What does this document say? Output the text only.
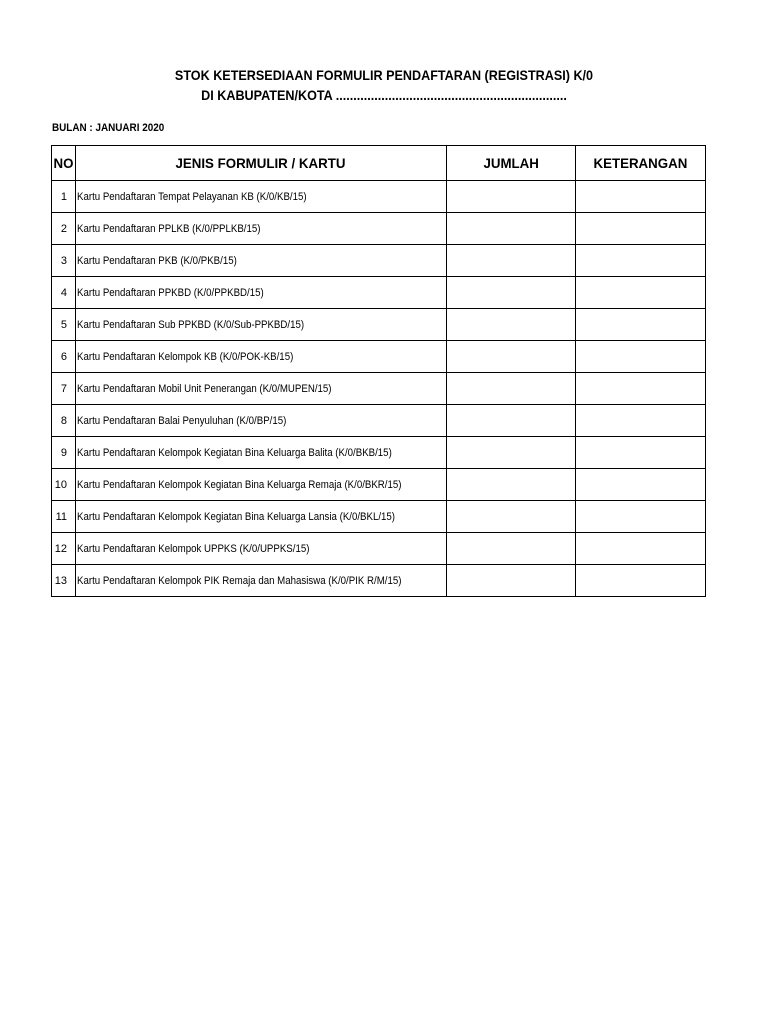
STOK KETERSEDIAAN FORMULIR PENDAFTARAN (REGISTRASI) K/0
DI KABUPATEN/KOTA ..................................................................
BULAN : JANUARI 2020
NO	JENIS FORMULIR / KARTU	JUMLAH	KETERANGAN
1	Kartu Pendaftaran Tempat Pelayanan KB (K/0/KB/15)		
2	Kartu Pendaftaran PPLKB (K/0/PPLKB/15)		
3	Kartu Pendaftaran PKB (K/0/PKB/15)		
4	Kartu Pendaftaran PPKBD (K/0/PPKBD/15)		
5	Kartu Pendaftaran Sub PPKBD (K/0/Sub-PPKBD/15)		
6	Kartu Pendaftaran Kelompok KB (K/0/POK-KB/15)		
7	Kartu Pendaftaran Mobil Unit Penerangan (K/0/MUPEN/15)		
8	Kartu Pendaftaran Balai Penyuluhan (K/0/BP/15)		
9	Kartu Pendaftaran Kelompok Kegiatan Bina Keluarga Balita (K/0/BKB/15)		
10	Kartu Pendaftaran Kelompok Kegiatan Bina Keluarga Remaja (K/0/BKR/15)		
11	Kartu Pendaftaran Kelompok Kegiatan Bina Keluarga Lansia (K/0/BKL/15)		
12	Kartu Pendaftaran Kelompok UPPKS (K/0/UPPKS/15)		
13	Kartu Pendaftaran Kelompok PIK Remaja dan Mahasiswa (K/0/PIK R/M/15)		
